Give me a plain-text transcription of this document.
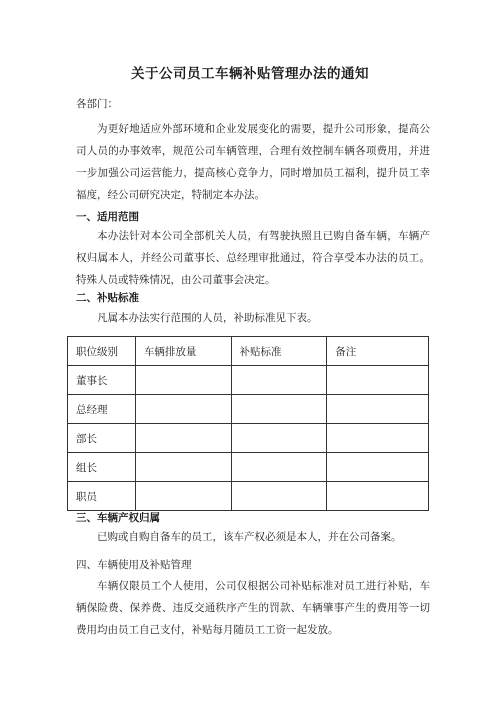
关于公司员工车辆补贴管理办法的通知
各部门：
为更好地适应外部环境和企业发展变化的需要，提升公司形象，提高公司人员的办事效率，规范公司车辆管理，合理有效控制车辆各项费用，并进一步加强公司运营能力，提高核心竞争力，同时增加员工福利，提升员工幸福度，经公司研究决定，特制定本办法。
一、适用范围
本办法针对本公司全部机关人员，有驾驶执照且已购自备车辆，车辆产权归属本人，并经公司董事长、总经理审批通过，符合享受本办法的员工。特殊人员或特殊情况，由公司董事会决定。
二、补贴标准
凡属本办法实行范围的人员，补助标准见下表。
职位级别	车辆排放量	补贴标准	备注
董事长			
总经理			
部长			
组长			
职员			
三、车辆产权归属
已购或自购自备车的员工，该车产权必须是本人，并在公司备案。
四、车辆使用及补贴管理
车辆仅限员工个人使用，公司仅根据公司补贴标准对员工进行补贴，车辆保险费、保养费、违反交通秩序产生的罚款、车辆肇事产生的费用等一切费用均由员工自己支付，补贴每月随员工工资一起发放。
